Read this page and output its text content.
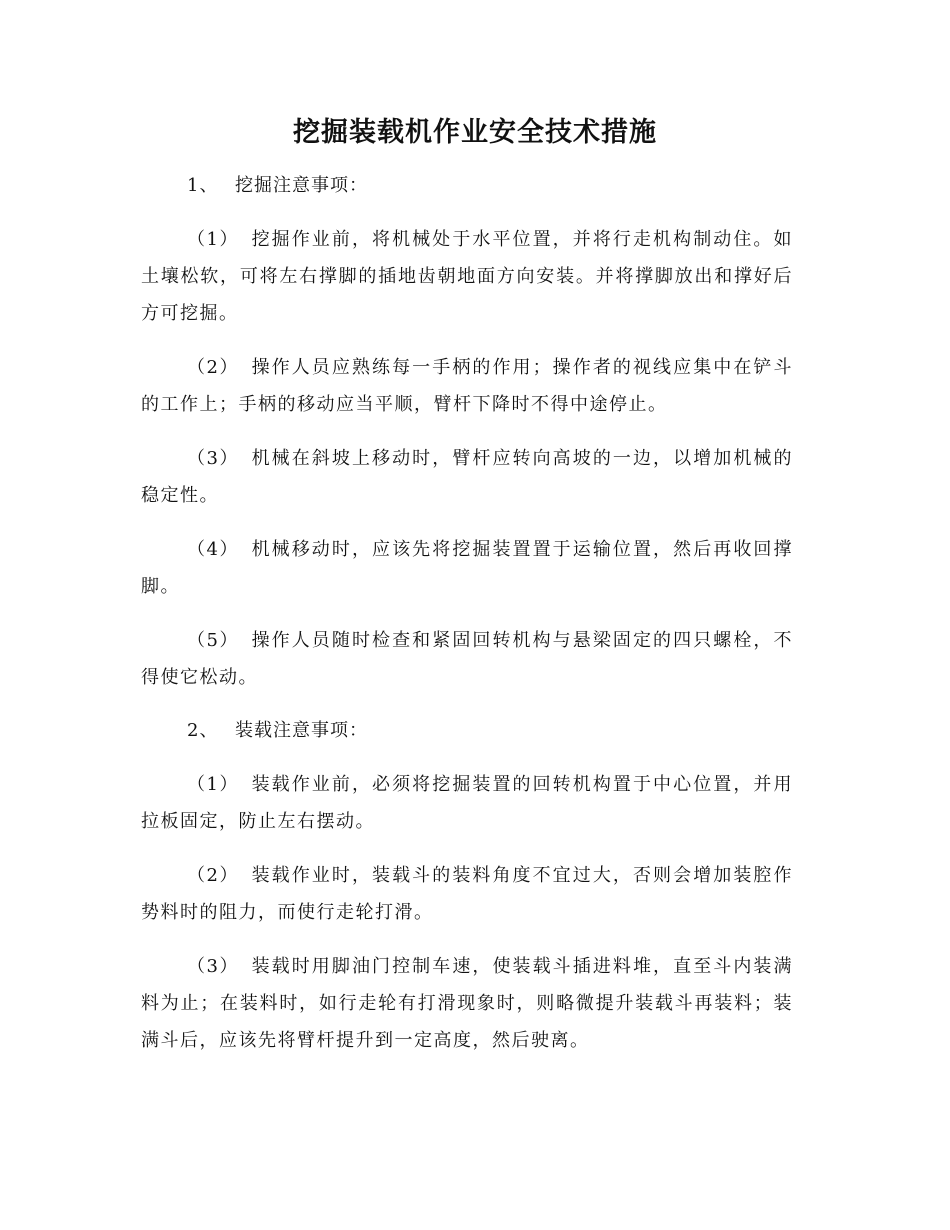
挖掘装载机作业安全技术措施

1、 挖掘注意事项：

（1） 挖掘作业前，将机械处于水平位置，并将行走机构制动住。如土壤松软，可将左右撑脚的插地齿朝地面方向安装。并将撑脚放出和撑好后方可挖掘。

（2） 操作人员应熟练每一手柄的作用；操作者的视线应集中在铲斗的工作上；手柄的移动应当平顺，臂杆下降时不得中途停止。

（3） 机械在斜坡上移动时，臂杆应转向高坡的一边，以增加机械的稳定性。

（4） 机械移动时，应该先将挖掘装置置于运输位置，然后再收回撑脚。

（5） 操作人员随时检查和紧固回转机构与悬梁固定的四只螺栓，不得使它松动。

2、 装载注意事项：

（1） 装载作业前，必须将挖掘装置的回转机构置于中心位置，并用拉板固定，防止左右摆动。

（2） 装载作业时，装载斗的装料角度不宜过大，否则会增加装腔作势料时的阻力，而使行走轮打滑。

（3） 装载时用脚油门控制车速，使装载斗插进料堆，直至斗内装满料为止；在装料时，如行走轮有打滑现象时，则略微提升装载斗再装料；装满斗后，应该先将臂杆提升到一定高度，然后驶离。
